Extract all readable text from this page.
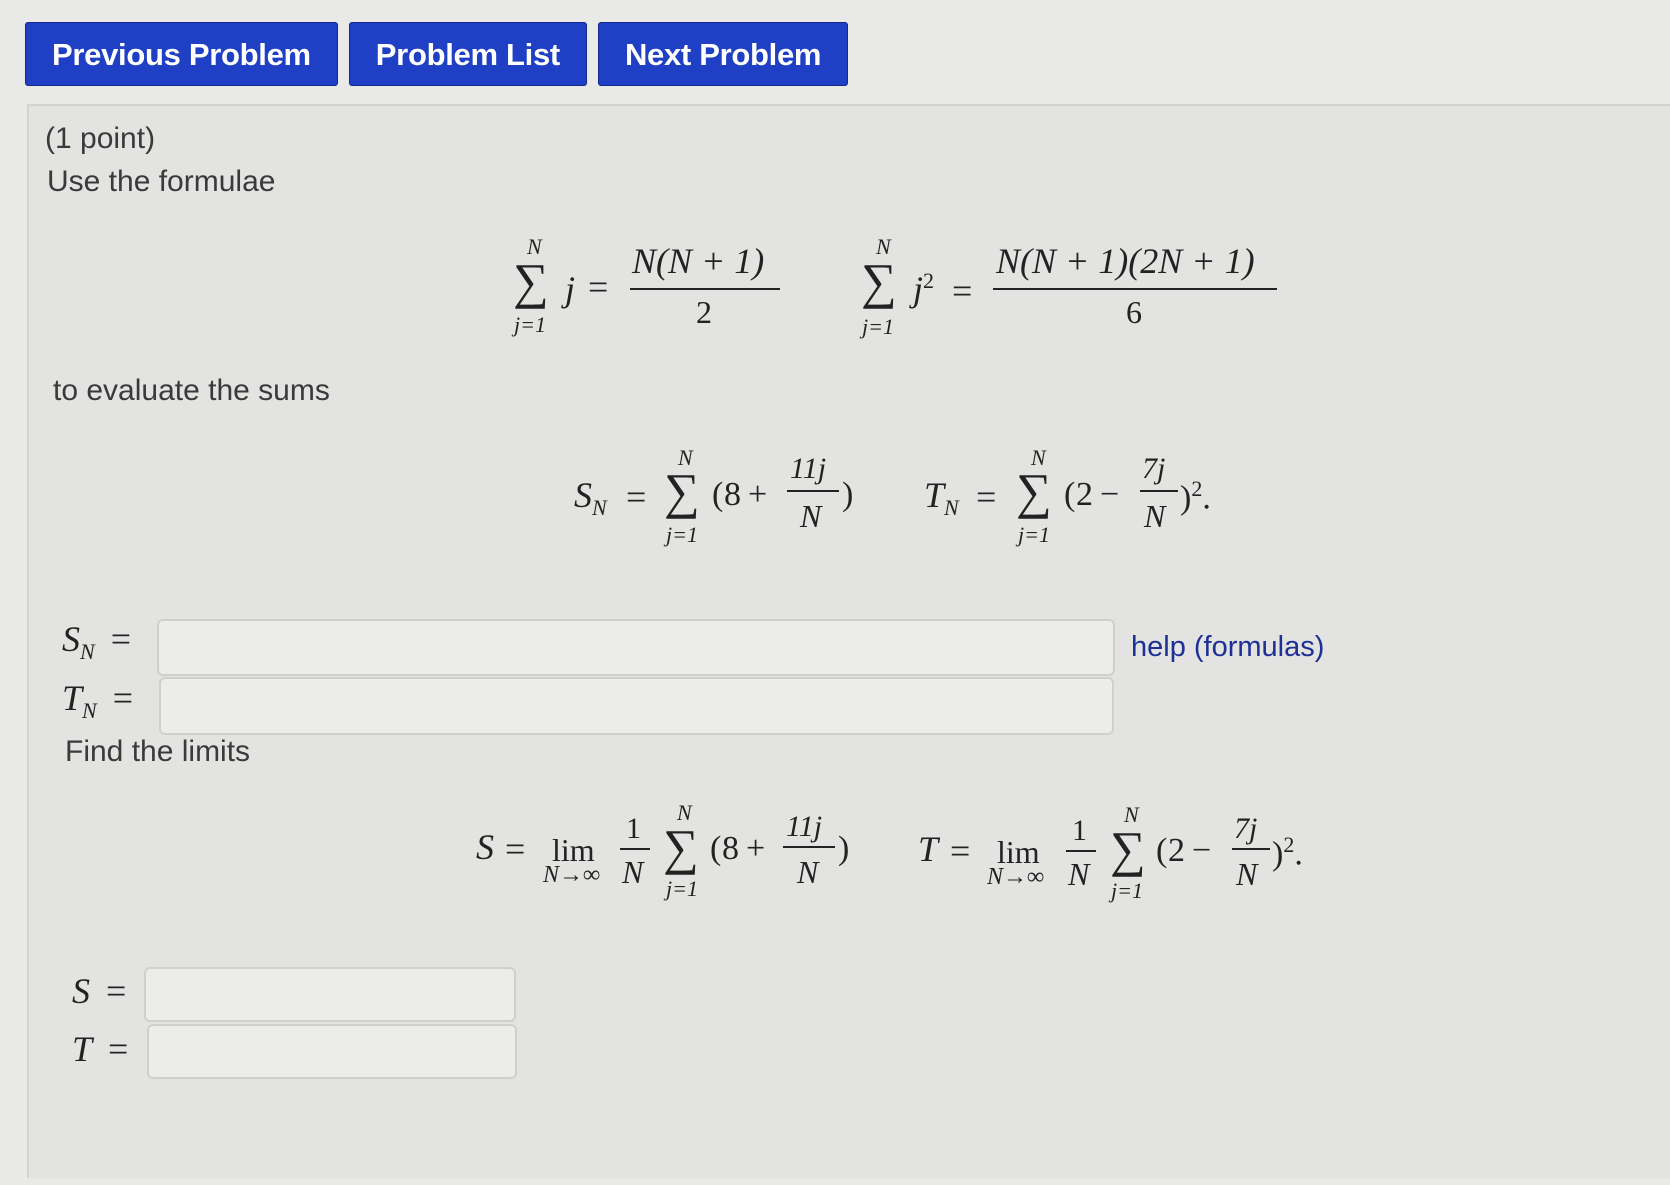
Previous Problem	Problem List	Next Problem
(1 point)
Use the formulae
N
∑
j=1
j =
N(N + 1)
2
N
∑
j=1
$j^2$ =
N(N + 1)(2N + 1)
6
to evaluate the sums
$S_N$ =
N
∑
j=1
( 8 +
11j
N
) $T_N$ =
N
∑
j=1
( 2 −
7j
N )$^2$.
$S_N$ =	help (formulas)
$T_N$ =
Find the limits
S = lim
N→∞
1
N
N
∑
j=1
( 8 +
11j
N
) T = lim
N→∞
1
N
N
∑
j=1
( 2 −
7j
N
)$^2$.
S =
T =
